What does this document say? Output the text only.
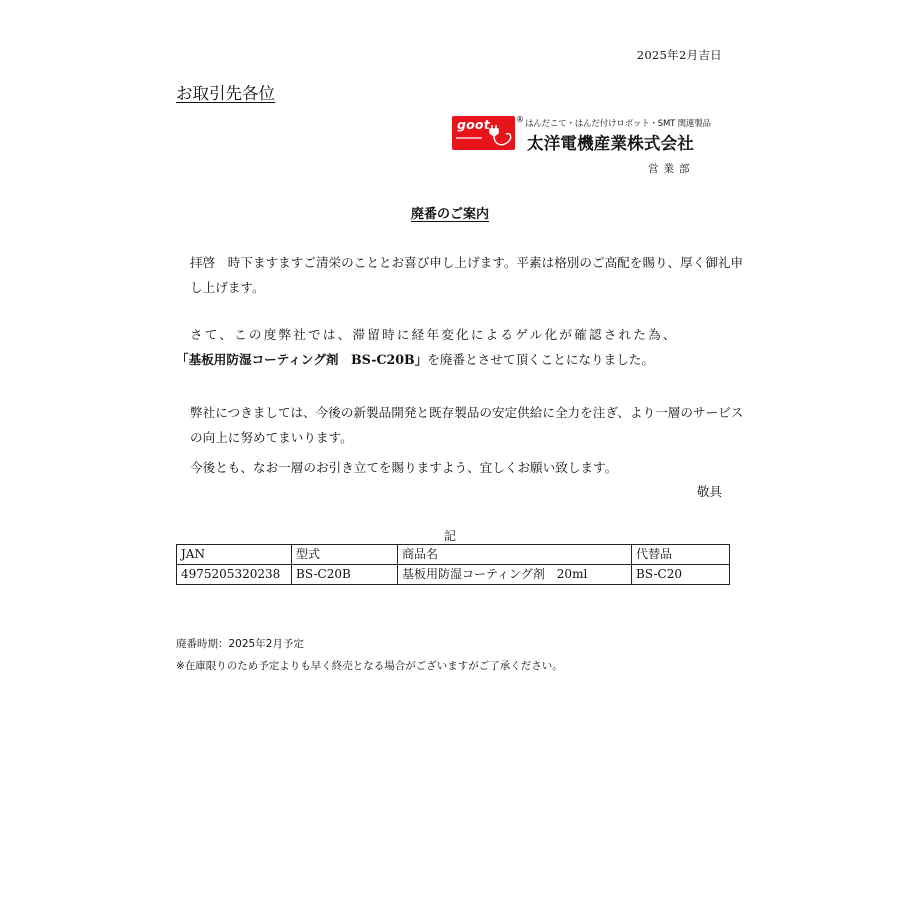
2025年2月吉日
お取引先各位
goot	® はんだこて・はんだ付けロボット・SMT 関連製品
太洋電機産業株式会社
営業部
廃番のご案内

拝啓　時下ますますご清栄のこととお喜び申し上げます。平素は格別のご高配を賜り、厚く御礼申し上げます。

さて、この度弊社では、滞留時に経年変化によるゲル化が確認された為、
「基板用防湿コーティング剤　BS-C20B」を廃番とさせて頂くことになりました。

弊社につきましては、今後の新製品開発と既存製品の安定供給に全力を注ぎ、より一層のサービスの向上に努めてまいります。

今後とも、なお一層のお引き立てを賜りますよう、宜しくお願い致します。

敬具
記
JAN	型式	商品名	代替品
4975205320238	BS-C20B	基板用防湿コーティング剤　20ml	BS-C20
廃番時期：2025年2月予定
※在庫限りのため予定よりも早く終売となる場合がございますがご了承ください。
